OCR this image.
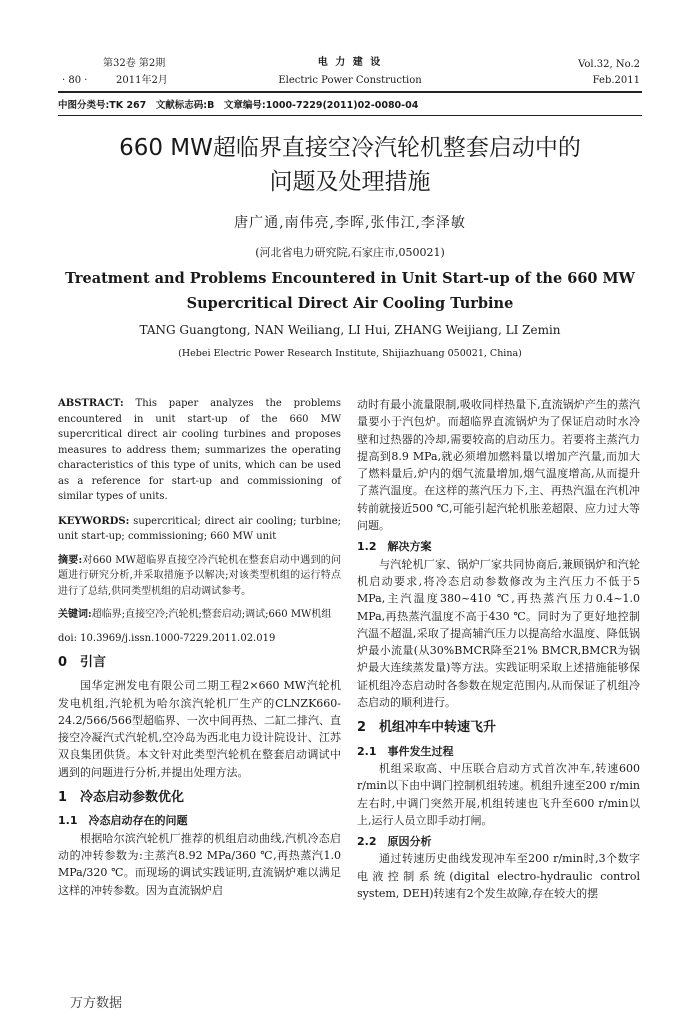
第32卷 第2期
· 80 ·	2011年2月
电 力 建 设
Electric Power Construction
Vol.32, No.2
Feb.2011
中图分类号:TK 267　文献标志码:B　文章编号:1000-7229(2011)02-0080-04
660 MW超临界直接空冷汽轮机整套启动中的
问题及处理措施
唐广通,南伟亮,李晖,张伟江,李泽敏
(河北省电力研究院,石家庄市,050021)
Treatment and Problems Encountered in Unit Start-up of the 660 MW
Supercritical Direct Air Cooling Turbine
TANG Guangtong, NAN Weiliang, LI Hui, ZHANG Weijiang, LI Zemin
(Hebei Electric Power Research Institute, Shijiazhuang 050021, China)

ABSTRACT: This paper analyzes the problems encountered in unit start-up of the 660 MW supercritical direct air cooling turbines and proposes measures to address them; summarizes the operating characteristics of this type of units, which can be used as a reference for start-up and commissioning of similar types of units.

KEYWORDS: supercritical; direct air cooling; turbine; unit start-up; commissioning; 660 MW unit

摘要:对660 MW超临界直接空冷汽轮机在整套启动中遇到的问题进行研究分析,并采取措施予以解决;对该类型机组的运行特点进行了总结,供同类型机组的启动调试参考。

关键词:超临界;直接空冷;汽轮机;整套启动;调试;660 MW机组

doi: 10.3969/j.issn.1000-7229.2011.02.019

0　引言

国华定洲发电有限公司二期工程2×660 MW汽轮机发电机组,汽轮机为哈尔滨汽轮机厂生产的CLNZK660-24.2/566/566型超临界、一次中间再热、二缸二排汽、直接空冷凝汽式汽轮机,空冷岛为西北电力设计院设计、江苏双良集团供货。本文针对此类型汽轮机在整套启动调试中遇到的问题进行分析,并提出处理方法。

1　冷态启动参数优化

1.1　冷态启动存在的问题

根据哈尔滨汽轮机厂推荐的机组启动曲线,汽机冷态启动的冲转参数为:主蒸汽8.92 MPa/360 ℃,再热蒸汽1.0 MPa/320 ℃。而现场的调试实践证明,直流锅炉难以满足这样的冲转参数。因为直流锅炉启

动时有最小流量限制,吸收同样热量下,直流锅炉产生的蒸汽量要小于汽包炉。而超临界直流锅炉为了保证启动时水冷壁和过热器的冷却,需要较高的启动压力。若要将主蒸汽力提高到8.9 MPa,就必须增加燃料量以增加产汽量,而加大了燃料量后,炉内的烟气流量增加,烟气温度增高,从而提升了蒸汽温度。在这样的蒸汽压力下,主、再热汽温在汽机冲转前就接近500 ℃,可能引起汽轮机胀差超限、应力过大等问题。

1.2　解决方案

与汽轮机厂家、锅炉厂家共同协商后,兼顾锅炉和汽轮机启动要求,将冷态启动参数修改为主汽压力不低于5 MPa,主汽温度380~410 ℃,再热蒸汽压力0.4~1.0 MPa,再热蒸汽温度不高于430 ℃。同时为了更好地控制汽温不超温,采取了提高辅汽压力以提高给水温度、降低锅炉最小流量(从30%BMCR降至21% BMCR,BMCR为锅炉最大连续蒸发量)等方法。实践证明采取上述措施能够保证机组冷态启动时各参数在规定范围内,从而保证了机组冷态启动的顺利进行。

2　机组冲车中转速飞升

2.1　事件发生过程

机组采取高、中压联合启动方式首次冲车,转速600 r/min以下由中调门控制机组转速。机组升速至200 r/min左右时,中调门突然开展,机组转速也飞升至600 r/min以上,运行人员立即手动打闸。

2.2　原因分析

通过转速历史曲线发现冲车至200 r/min时,3个数字电液控制系统(digital electro-hydraulic control system, DEH)转速有2个发生故障,存在较大的摆

万方数据
